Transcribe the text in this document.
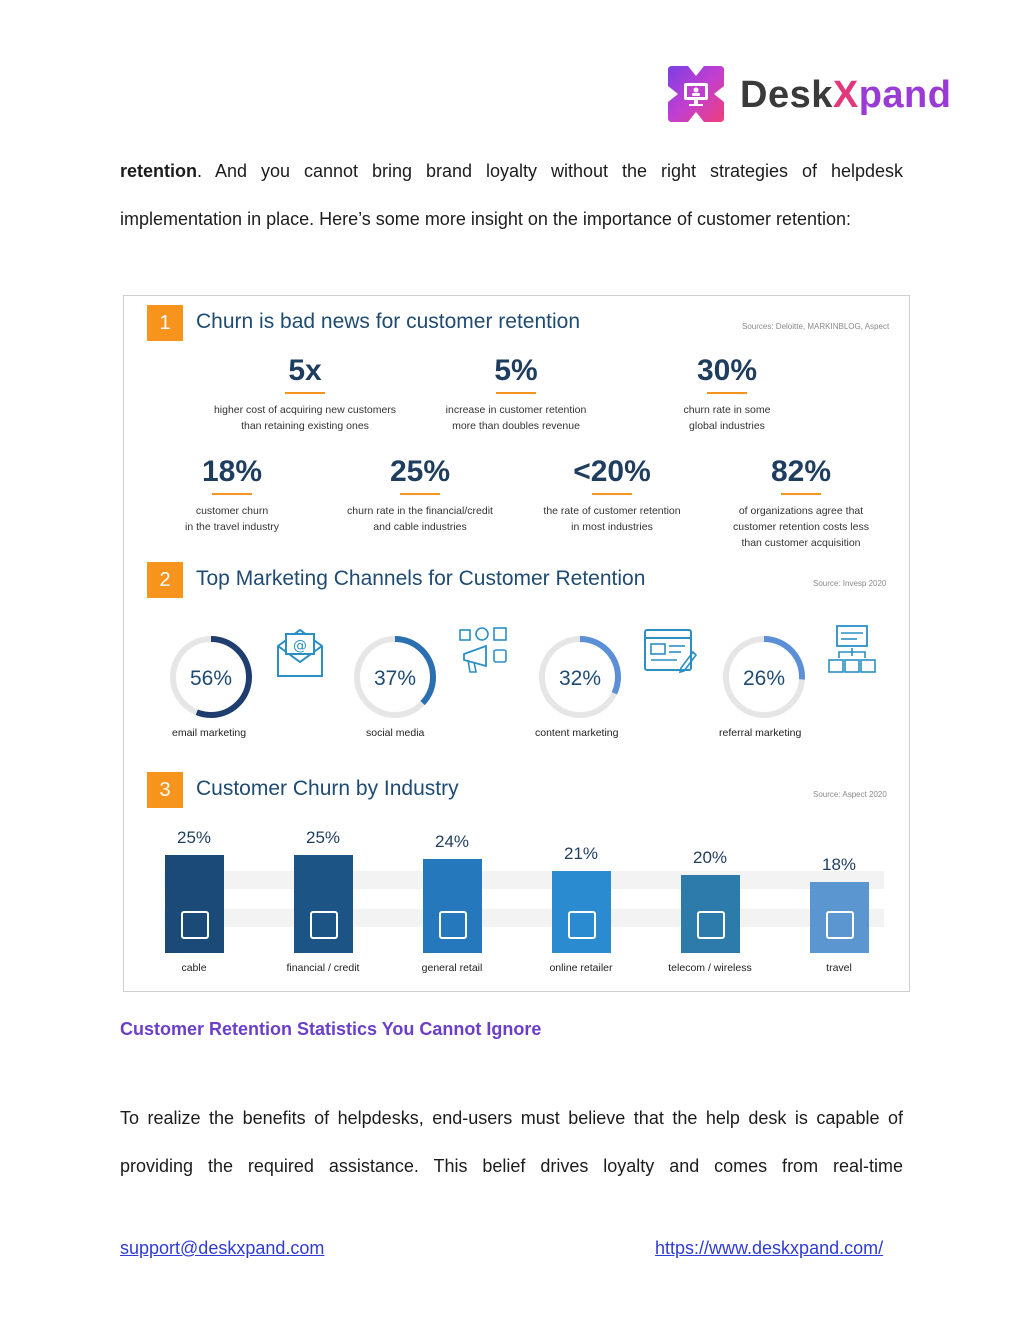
DeskXpand
retention. And you cannot bring brand loyalty without the right strategies of helpdesk
implementation in place. Here’s some more insight on the importance of customer retention:
1	Churn is bad news for customer retention	Sources: Deloitte, MARKINBLOG, Aspect
5x
higher cost of acquiring new customers
than retaining existing ones
5%
increase in customer retention
more than doubles revenue
30%
churn rate in some
global industries
18%
customer churn
in the travel industry
25%
churn rate in the financial/credit
and cable industries
<20%
the rate of customer retention
in most industries
82%
of organizations agree that
customer retention costs less
than customer acquisition
2	Top Marketing Channels for Customer Retention	Source: Invesp 2020
56%
@
email marketing
37%
social media
32%
content marketing
26%
referral marketing
3	Customer Churn by Industry	Source: Aspect 2020
25%
cable
25%
financial / credit
24%
general retail
21%
online retailer
20%
telecom / wireless
18%
travel
Customer Retention Statistics You Cannot Ignore
To realize the benefits of helpdesks, end-users must believe that the help desk is capable of
providing the required assistance. This belief drives loyalty and comes from real-time
support@deskxpand.com	https://www.deskxpand.com/
